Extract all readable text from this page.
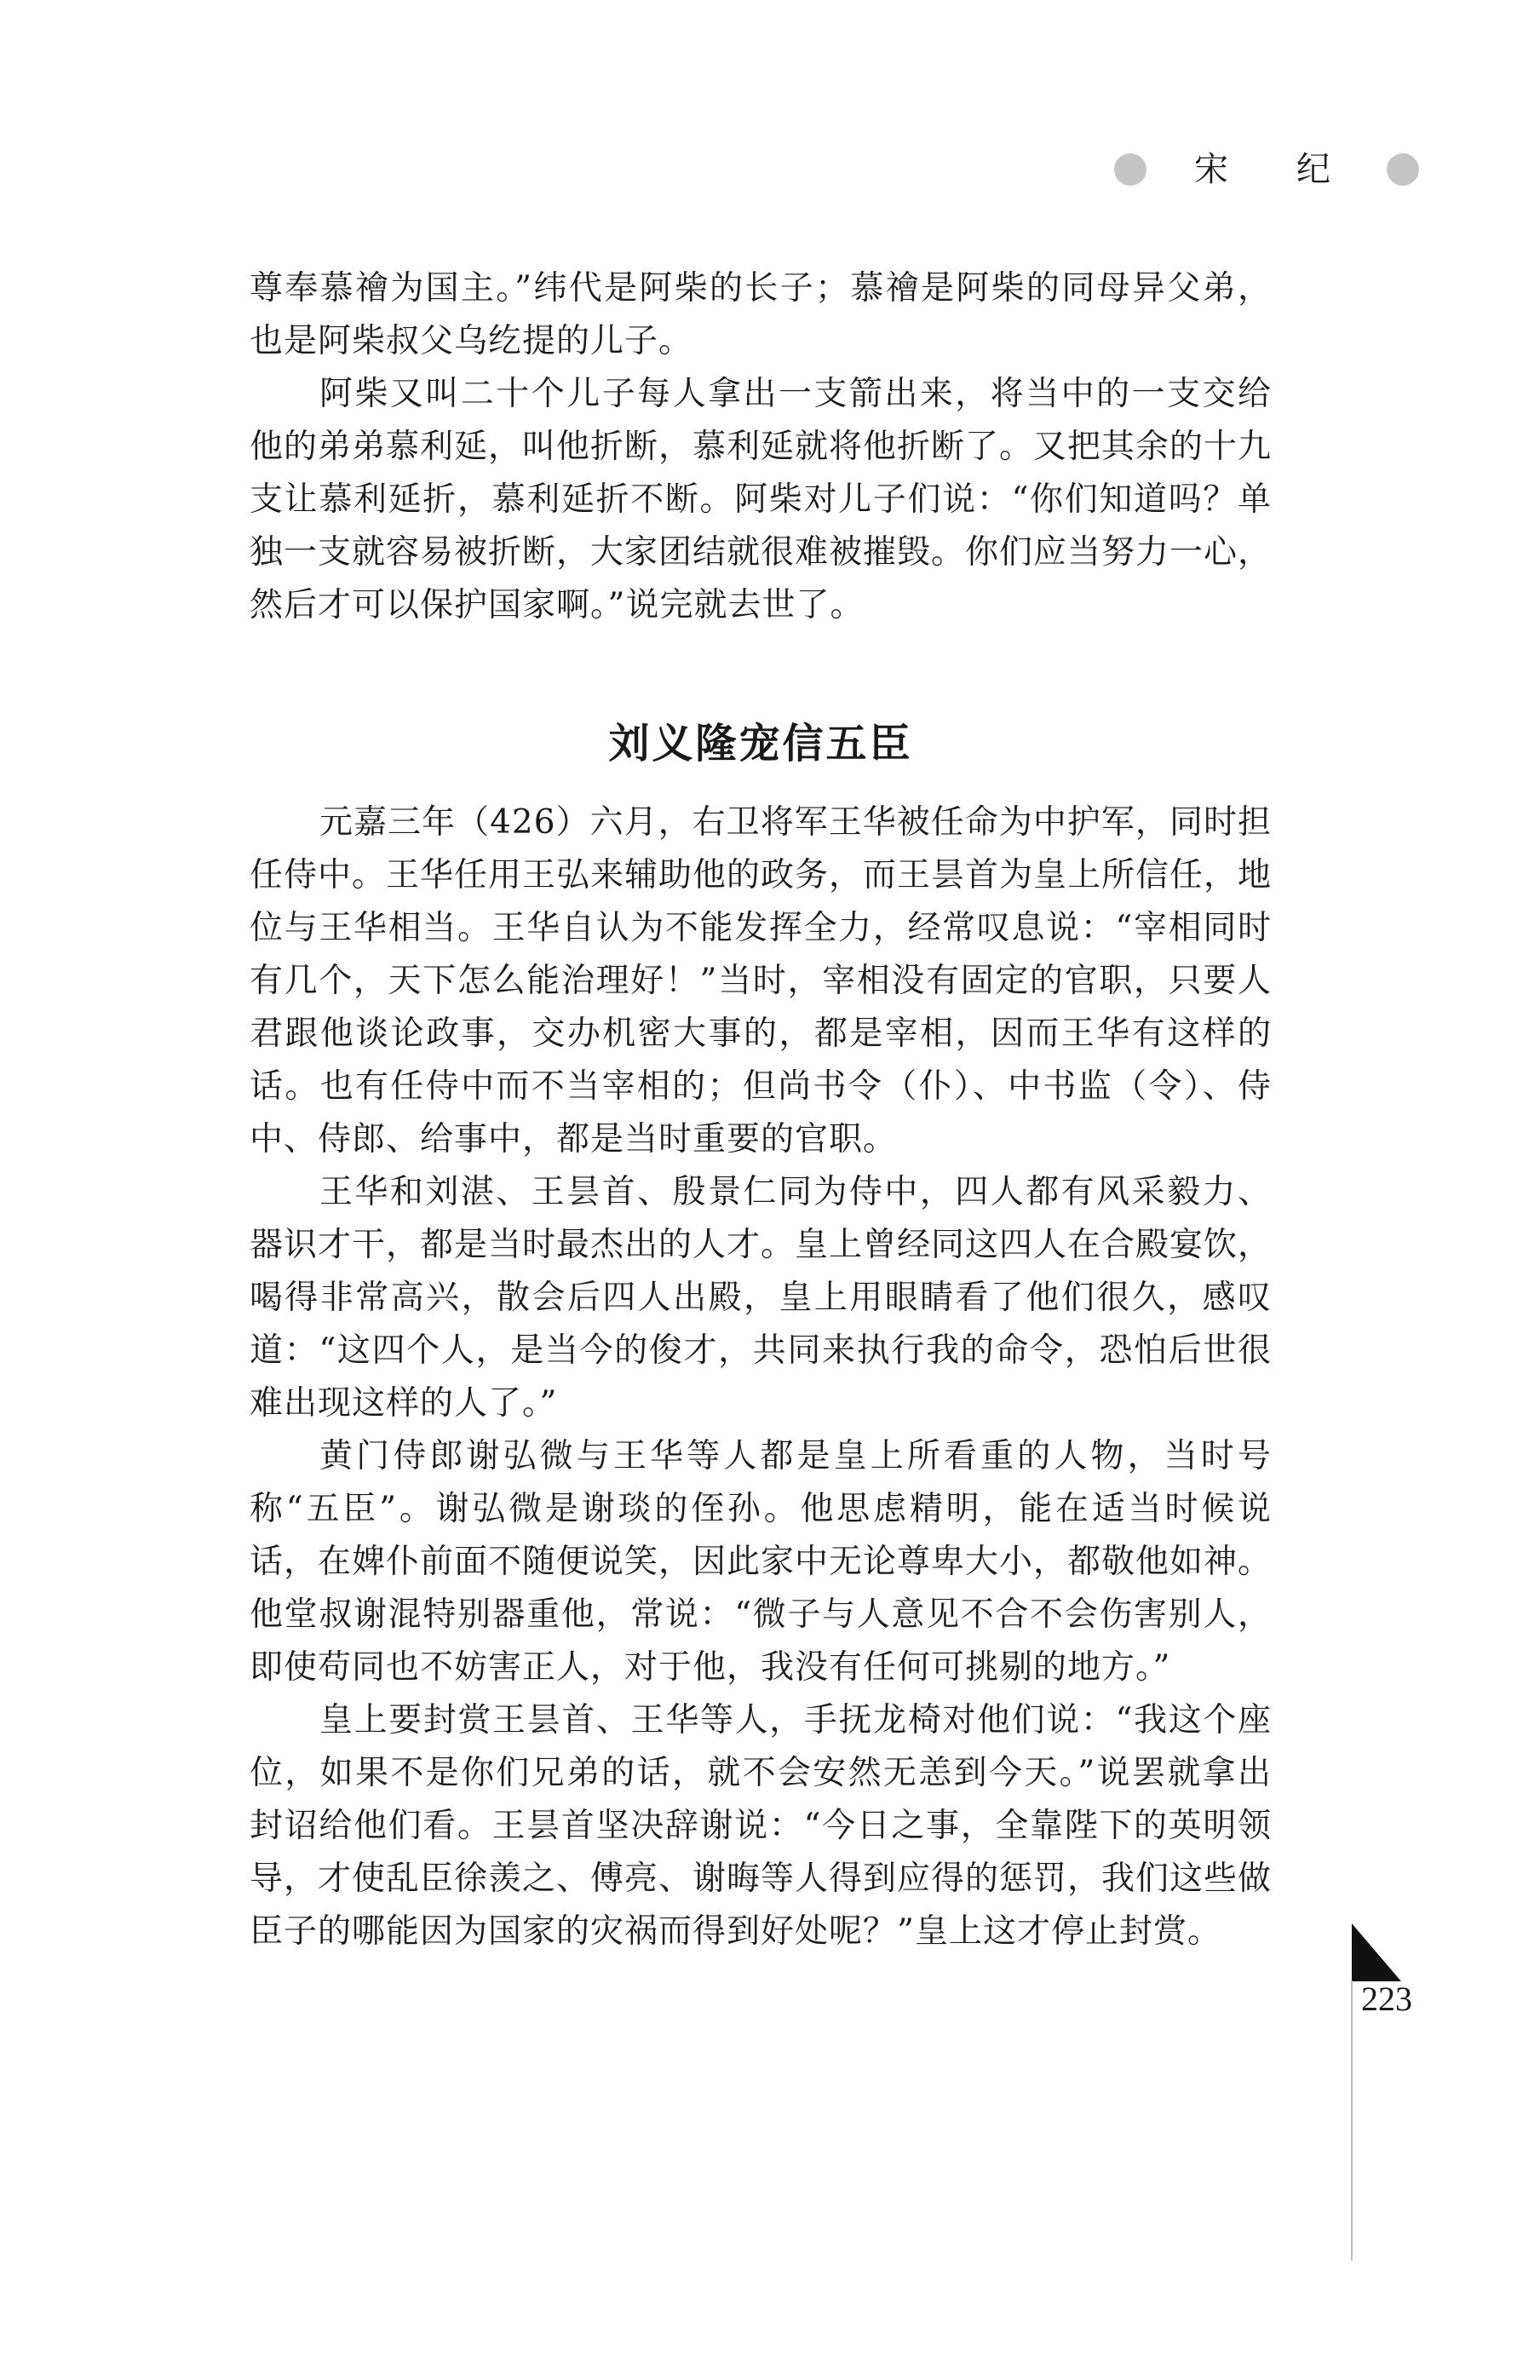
宋 纪

尊奉慕禬为国主。”纬代是阿柴的长子；慕禬是阿柴的同母异父弟，也是阿柴叔父乌纥提的儿子。

阿柴又叫二十个儿子每人拿出一支箭出来，将当中的一支交给他的弟弟慕利延，叫他折断，慕利延就将他折断了。又把其余的十九支让慕利延折，慕利延折不断。阿柴对儿子们说：“你们知道吗？单独一支就容易被折断，大家团结就很难被摧毁。你们应当努力一心，然后才可以保护国家啊。”说完就去世了。

刘义隆宠信五臣

元嘉三年（426）六月，右卫将军王华被任命为中护军，同时担任侍中。王华任用王弘来辅助他的政务，而王昙首为皇上所信任，地位与王华相当。王华自认为不能发挥全力，经常叹息说：“宰相同时有几个，天下怎么能治理好！”当时，宰相没有固定的官职，只要人君跟他谈论政事，交办机密大事的，都是宰相，因而王华有这样的话。也有任侍中而不当宰相的；但尚书令（仆）、中书监（令）、侍中、侍郎、给事中，都是当时重要的官职。

王华和刘湛、王昙首、殷景仁同为侍中，四人都有风采毅力、器识才干，都是当时最杰出的人才。皇上曾经同这四人在合殿宴饮，喝得非常高兴，散会后四人出殿，皇上用眼睛看了他们很久，感叹道：“这四个人，是当今的俊才，共同来执行我的命令，恐怕后世很难出现这样的人了。”

黄门侍郎谢弘微与王华等人都是皇上所看重的人物，当时号称“五臣”。谢弘微是谢琰的侄孙。他思虑精明，能在适当时候说话，在婢仆前面不随便说笑，因此家中无论尊卑大小，都敬他如神。他堂叔谢混特别器重他，常说：“微子与人意见不合不会伤害别人，即使苟同也不妨害正人，对于他，我没有任何可挑剔的地方。”

皇上要封赏王昙首、王华等人，手抚龙椅对他们说：“我这个座位，如果不是你们兄弟的话，就不会安然无恙到今天。”说罢就拿出封诏给他们看。王昙首坚决辞谢说：“今日之事，全靠陛下的英明领导，才使乱臣徐羡之、傅亮、谢晦等人得到应得的惩罚，我们这些做臣子的哪能因为国家的灾祸而得到好处呢？”皇上这才停止封赏。

223
